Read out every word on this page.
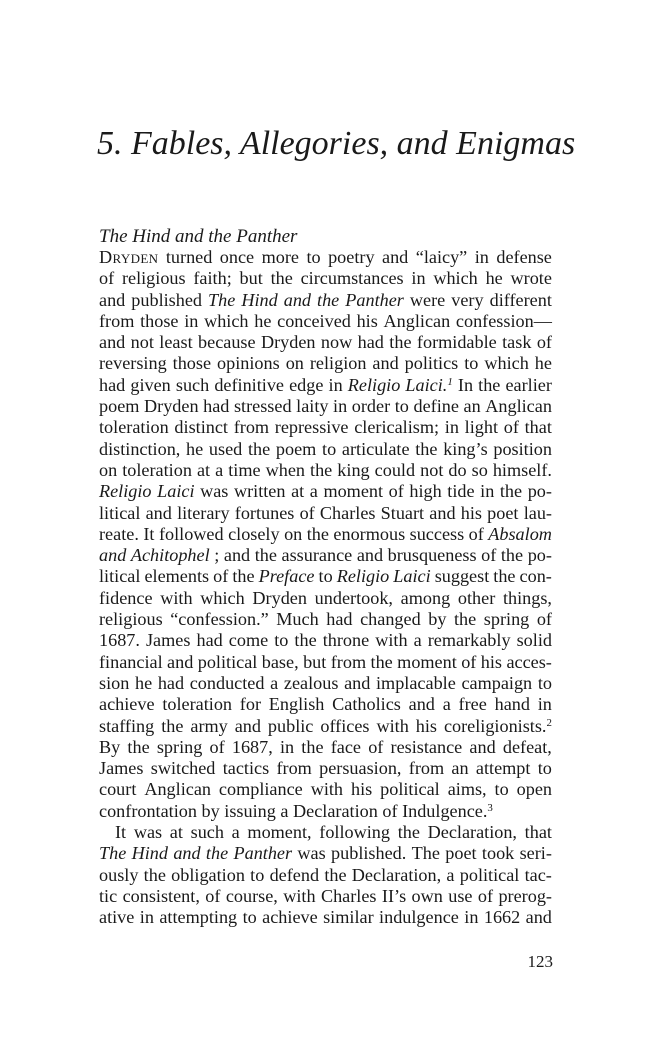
5. Fables, Allegories, and Enigmas
The Hind and the Panther
Dryden turned once more to poetry and “laicy” in defense
of religious faith; but the circumstances in which he wrote
and published The Hind and the Panther were very different
from those in which he conceived his Anglican confession—
and not least because Dryden now had the formidable task of
reversing those opinions on religion and politics to which he
had given such definitive edge in Religio Laici.$^1$ In the earlier
poem Dryden had stressed laity in order to define an Anglican
toleration distinct from repressive clericalism; in light of that
distinction, he used the poem to articulate the king’s position
on toleration at a time when the king could not do so himself.
Religio Laici was written at a moment of high tide in the po-
litical and literary fortunes of Charles Stuart and his poet lau-
reate. It followed closely on the enormous success of Absalom
and Achitophel ; and the assurance and brusqueness of the po-
litical elements of the Preface to Religio Laici suggest the con-
fidence with which Dryden undertook, among other things,
religious “confession.” Much had changed by the spring of
1687. James had come to the throne with a remarkably solid
financial and political base, but from the moment of his acces-
sion he had conducted a zealous and implacable campaign to
achieve toleration for English Catholics and a free hand in
staffing the army and public offices with his coreligionists.$^2$
By the spring of 1687, in the face of resistance and defeat,
James switched tactics from persuasion, from an attempt to
court Anglican compliance with his political aims, to open
confrontation by issuing a Declaration of Indulgence.$^3$
It was at such a moment, following the Declaration, that
The Hind and the Panther was published. The poet took seri-
ously the obligation to defend the Declaration, a political tac-
tic consistent, of course, with Charles II’s own use of prerog-
ative in attempting to achieve similar indulgence in 1662 and
123
